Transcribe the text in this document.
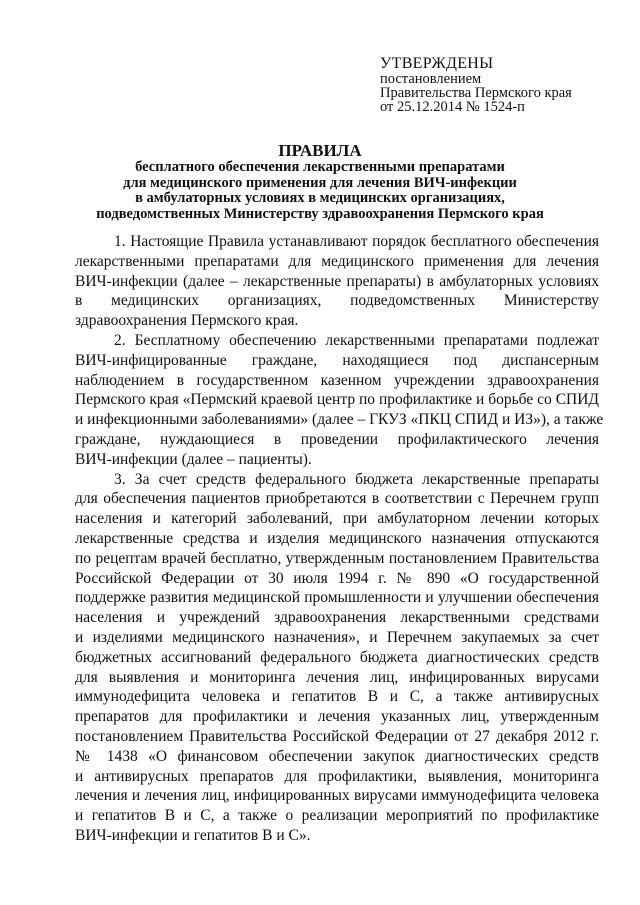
УТВЕРЖДЕНЫ
постановлением
Правительства Пермского края
от 25.12.2014 № 1524-п
ПРАВИЛА
бесплатного обеспечения лекарственными препаратами
для медицинского применения для лечения ВИЧ-инфекции
в амбулаторных условиях в медицинских организациях,
подведомственных Министерству здравоохранения Пермского края
1. Настоящие Правила устанавливают порядок бесплатного обеспечения
лекарственными препаратами для медицинского применения для лечения
ВИЧ-инфекции (далее – лекарственные препараты) в амбулаторных условиях
в медицинских организациях, подведомственных Министерству
здравоохранения Пермского края.
2. Бесплатному обеспечению лекарственными препаратами подлежат
ВИЧ-инфицированные граждане, находящиеся под диспансерным
наблюдением в государственном казенном учреждении здравоохранения
Пермского края «Пермский краевой центр по профилактике и борьбе со СПИД
и инфекционными заболеваниями» (далее – ГКУЗ «ПКЦ СПИД и ИЗ»), а также
граждане, нуждающиеся в проведении профилактического лечения
ВИЧ-инфекции (далее – пациенты).
3. За счет средств федерального бюджета лекарственные препараты
для обеспечения пациентов приобретаются в соответствии с Перечнем групп
населения и категорий заболеваний, при амбулаторном лечении которых
лекарственные средства и изделия медицинского назначения отпускаются
по рецептам врачей бесплатно, утвержденным постановлением Правительства
Российской Федерации от 30 июля 1994 г. № 890 «О государственной
поддержке развития медицинской промышленности и улучшении обеспечения
населения и учреждений здравоохранения лекарственными средствами
и изделиями медицинского назначения», и Перечнем закупаемых за счет
бюджетных ассигнований федерального бюджета диагностических средств
для выявления и мониторинга лечения лиц, инфицированных вирусами
иммунодефицита человека и гепатитов В и С, а также антивирусных
препаратов для профилактики и лечения указанных лиц, утвержденным
постановлением Правительства Российской Федерации от 27 декабря 2012 г.
№ 1438 «О финансовом обеспечении закупок диагностических средств
и антивирусных препаратов для профилактики, выявления, мониторинга
лечения и лечения лиц, инфицированных вирусами иммунодефицита человека
и гепатитов В и С, а также о реализации мероприятий по профилактике
ВИЧ-инфекции и гепатитов В и С».
